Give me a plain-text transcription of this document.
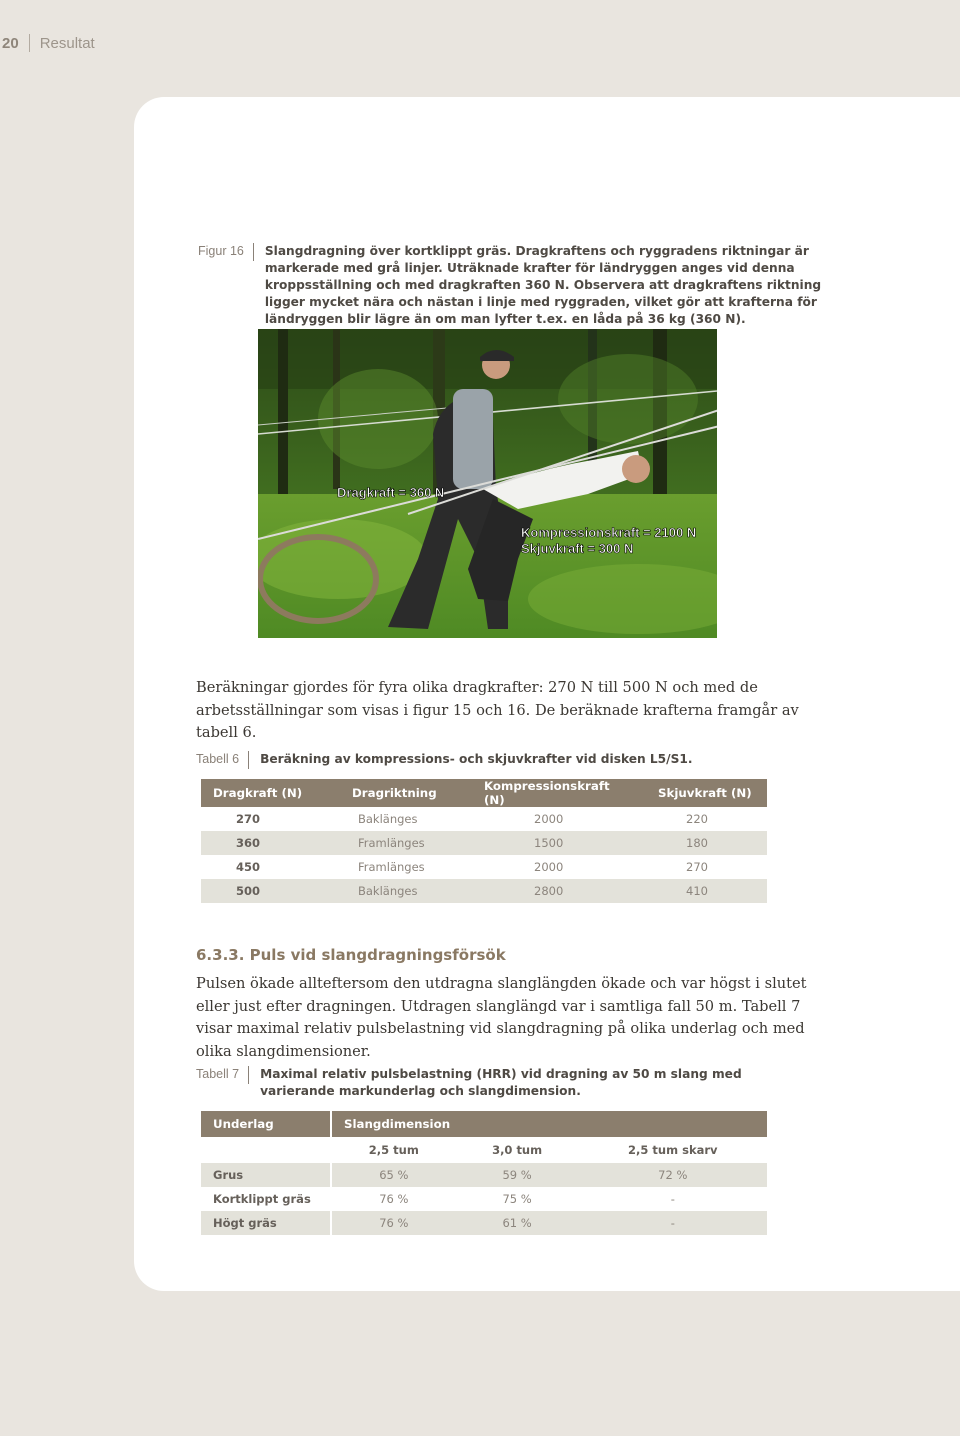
20 Resultat
Figur 16	Slangdragning över kortklippt gräs. Dragkraftens och ryggradens riktningar är markerade med grå linjer. Uträknade krafter för ländryggen anges vid denna kroppsställning och med dragkraften 360 N. Observera att dragkraftens riktning ligger mycket nära och nästan i linje med ryggraden, vilket gör att krafterna för ländryggen blir lägre än om man lyfter t.ex. en låda på 36 kg (360 N).
Dragkraft = 360 N
Kompressionskraft = 2100 N
Skjuvkraft = 300 N
Beräkningar gjordes för fyra olika dragkrafter: 270 N till 500 N och med de arbetsställningar som visas i figur 15 och 16. De beräknade krafterna framgår av tabell 6.
Tabell 6	Beräkning av kompressions- och skjuvkrafter vid disken L5/S1.
Dragkraft (N)	Dragriktning	Kompressionskraft (N)	Skjuvkraft (N)
270	Baklänges	2000	220
360	Framlänges	1500	180
450	Framlänges	2000	270
500	Baklänges	2800	410
6.3.3. Puls vid slangdragningsförsök
Pulsen ökade allteftersom den utdragna slanglängden ökade och var högst i slutet eller just efter dragningen. Utdragen slanglängd var i samtliga fall 50 m. Tabell 7 visar maximal relativ pulsbelastning vid slangdragning på olika underlag och med olika slangdimensioner.
Tabell 7	Maximal relativ pulsbelastning (HRR) vid dragning av 50 m slang med varierande markunderlag och slangdimension.
Underlag	Slangdimension		
	2,5 tum	3,0 tum	2,5 tum skarv
Grus	65 %	59 %	72 %
Kortklippt gräs	76 %	75 %	-
Högt gräs	76 %	61 %	-
